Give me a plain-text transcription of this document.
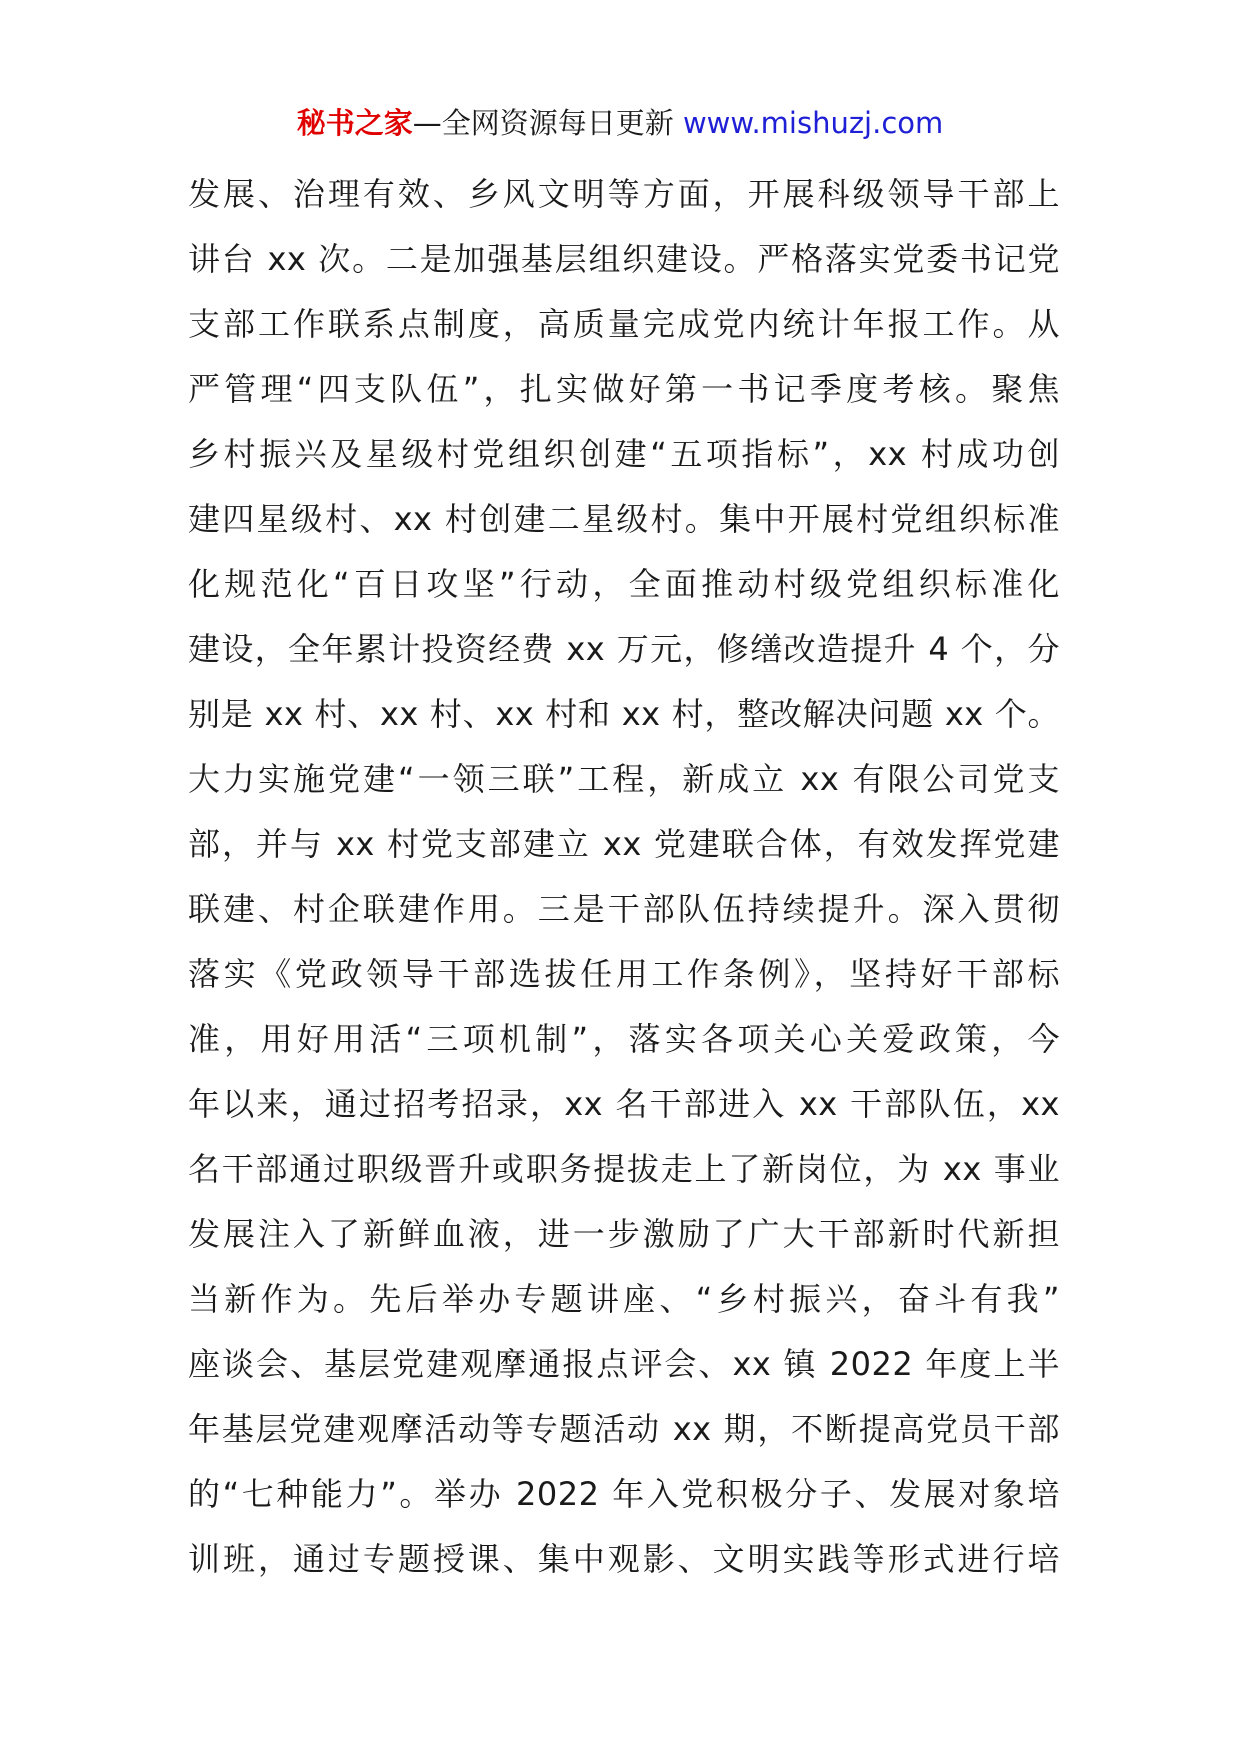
秘书之家—全网资源每日更新 www.mishuzj.com
发展、治理有效、乡风文明等方面，开展科级领导干部上
讲台 xx 次。二是加强基层组织建设。严格落实党委书记党
支部工作联系点制度，高质量完成党内统计年报工作。从
严管理“四支队伍”，扎实做好第一书记季度考核。聚焦
乡村振兴及星级村党组织创建“五项指标”，xx 村成功创
建四星级村、xx 村创建二星级村。集中开展村党组织标准
化规范化“百日攻坚”行动，全面推动村级党组织标准化
建设，全年累计投资经费 xx 万元，修缮改造提升 4 个，分
别是 xx 村、xx 村、xx 村和 xx 村，整改解决问题 xx 个。
大力实施党建“一领三联”工程，新成立 xx 有限公司党支
部，并与 xx 村党支部建立 xx 党建联合体，有效发挥党建
联建、村企联建作用。三是干部队伍持续提升。深入贯彻
落实《党政领导干部选拔任用工作条例》，坚持好干部标
准，用好用活“三项机制”，落实各项关心关爱政策，今
年以来，通过招考招录，xx 名干部进入 xx 干部队伍，xx
名干部通过职级晋升或职务提拔走上了新岗位，为 xx 事业
发展注入了新鲜血液，进一步激励了广大干部新时代新担
当新作为。先后举办专题讲座、“乡村振兴，奋斗有我”
座谈会、基层党建观摩通报点评会、xx 镇 2022 年度上半
年基层党建观摩活动等专题活动 xx 期，不断提高党员干部
的“七种能力”。举办 2022 年入党积极分子、发展对象培
训班，通过专题授课、集中观影、文明实践等形式进行培
